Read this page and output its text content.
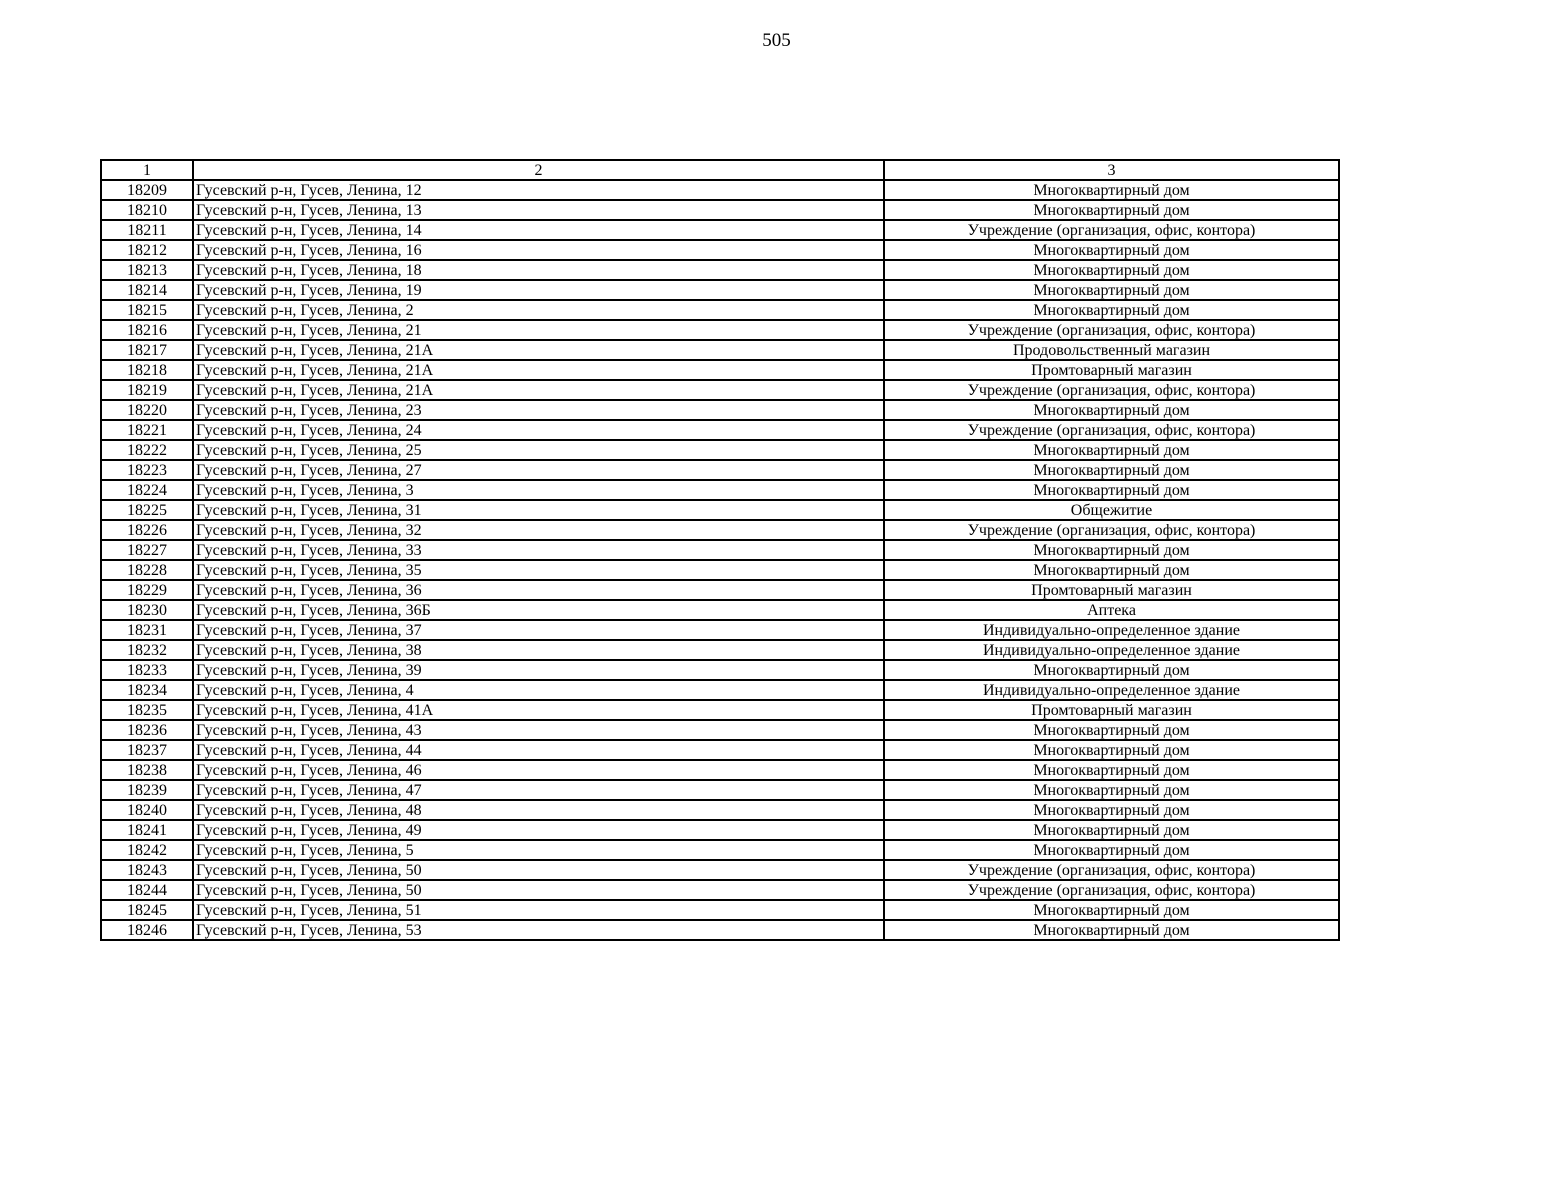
505
1	2	3
18209	Гусевский р-н, Гусев, Ленина, 12	Многоквартирный дом
18210	Гусевский р-н, Гусев, Ленина, 13	Многоквартирный дом
18211	Гусевский р-н, Гусев, Ленина, 14	Учреждение (организация, офис, контора)
18212	Гусевский р-н, Гусев, Ленина, 16	Многоквартирный дом
18213	Гусевский р-н, Гусев, Ленина, 18	Многоквартирный дом
18214	Гусевский р-н, Гусев, Ленина, 19	Многоквартирный дом
18215	Гусевский р-н, Гусев, Ленина, 2	Многоквартирный дом
18216	Гусевский р-н, Гусев, Ленина, 21	Учреждение (организация, офис, контора)
18217	Гусевский р-н, Гусев, Ленина, 21А	Продовольственный магазин
18218	Гусевский р-н, Гусев, Ленина, 21А	Промтоварный магазин
18219	Гусевский р-н, Гусев, Ленина, 21А	Учреждение (организация, офис, контора)
18220	Гусевский р-н, Гусев, Ленина, 23	Многоквартирный дом
18221	Гусевский р-н, Гусев, Ленина, 24	Учреждение (организация, офис, контора)
18222	Гусевский р-н, Гусев, Ленина, 25	Многоквартирный дом
18223	Гусевский р-н, Гусев, Ленина, 27	Многоквартирный дом
18224	Гусевский р-н, Гусев, Ленина, 3	Многоквартирный дом
18225	Гусевский р-н, Гусев, Ленина, 31	Общежитие
18226	Гусевский р-н, Гусев, Ленина, 32	Учреждение (организация, офис, контора)
18227	Гусевский р-н, Гусев, Ленина, 33	Многоквартирный дом
18228	Гусевский р-н, Гусев, Ленина, 35	Многоквартирный дом
18229	Гусевский р-н, Гусев, Ленина, 36	Промтоварный магазин
18230	Гусевский р-н, Гусев, Ленина, 36Б	Аптека
18231	Гусевский р-н, Гусев, Ленина, 37	Индивидуально-определенное здание
18232	Гусевский р-н, Гусев, Ленина, 38	Индивидуально-определенное здание
18233	Гусевский р-н, Гусев, Ленина, 39	Многоквартирный дом
18234	Гусевский р-н, Гусев, Ленина, 4	Индивидуально-определенное здание
18235	Гусевский р-н, Гусев, Ленина, 41А	Промтоварный магазин
18236	Гусевский р-н, Гусев, Ленина, 43	Многоквартирный дом
18237	Гусевский р-н, Гусев, Ленина, 44	Многоквартирный дом
18238	Гусевский р-н, Гусев, Ленина, 46	Многоквартирный дом
18239	Гусевский р-н, Гусев, Ленина, 47	Многоквартирный дом
18240	Гусевский р-н, Гусев, Ленина, 48	Многоквартирный дом
18241	Гусевский р-н, Гусев, Ленина, 49	Многоквартирный дом
18242	Гусевский р-н, Гусев, Ленина, 5	Многоквартирный дом
18243	Гусевский р-н, Гусев, Ленина, 50	Учреждение (организация, офис, контора)
18244	Гусевский р-н, Гусев, Ленина, 50	Учреждение (организация, офис, контора)
18245	Гусевский р-н, Гусев, Ленина, 51	Многоквартирный дом
18246	Гусевский р-н, Гусев, Ленина, 53	Многоквартирный дом
